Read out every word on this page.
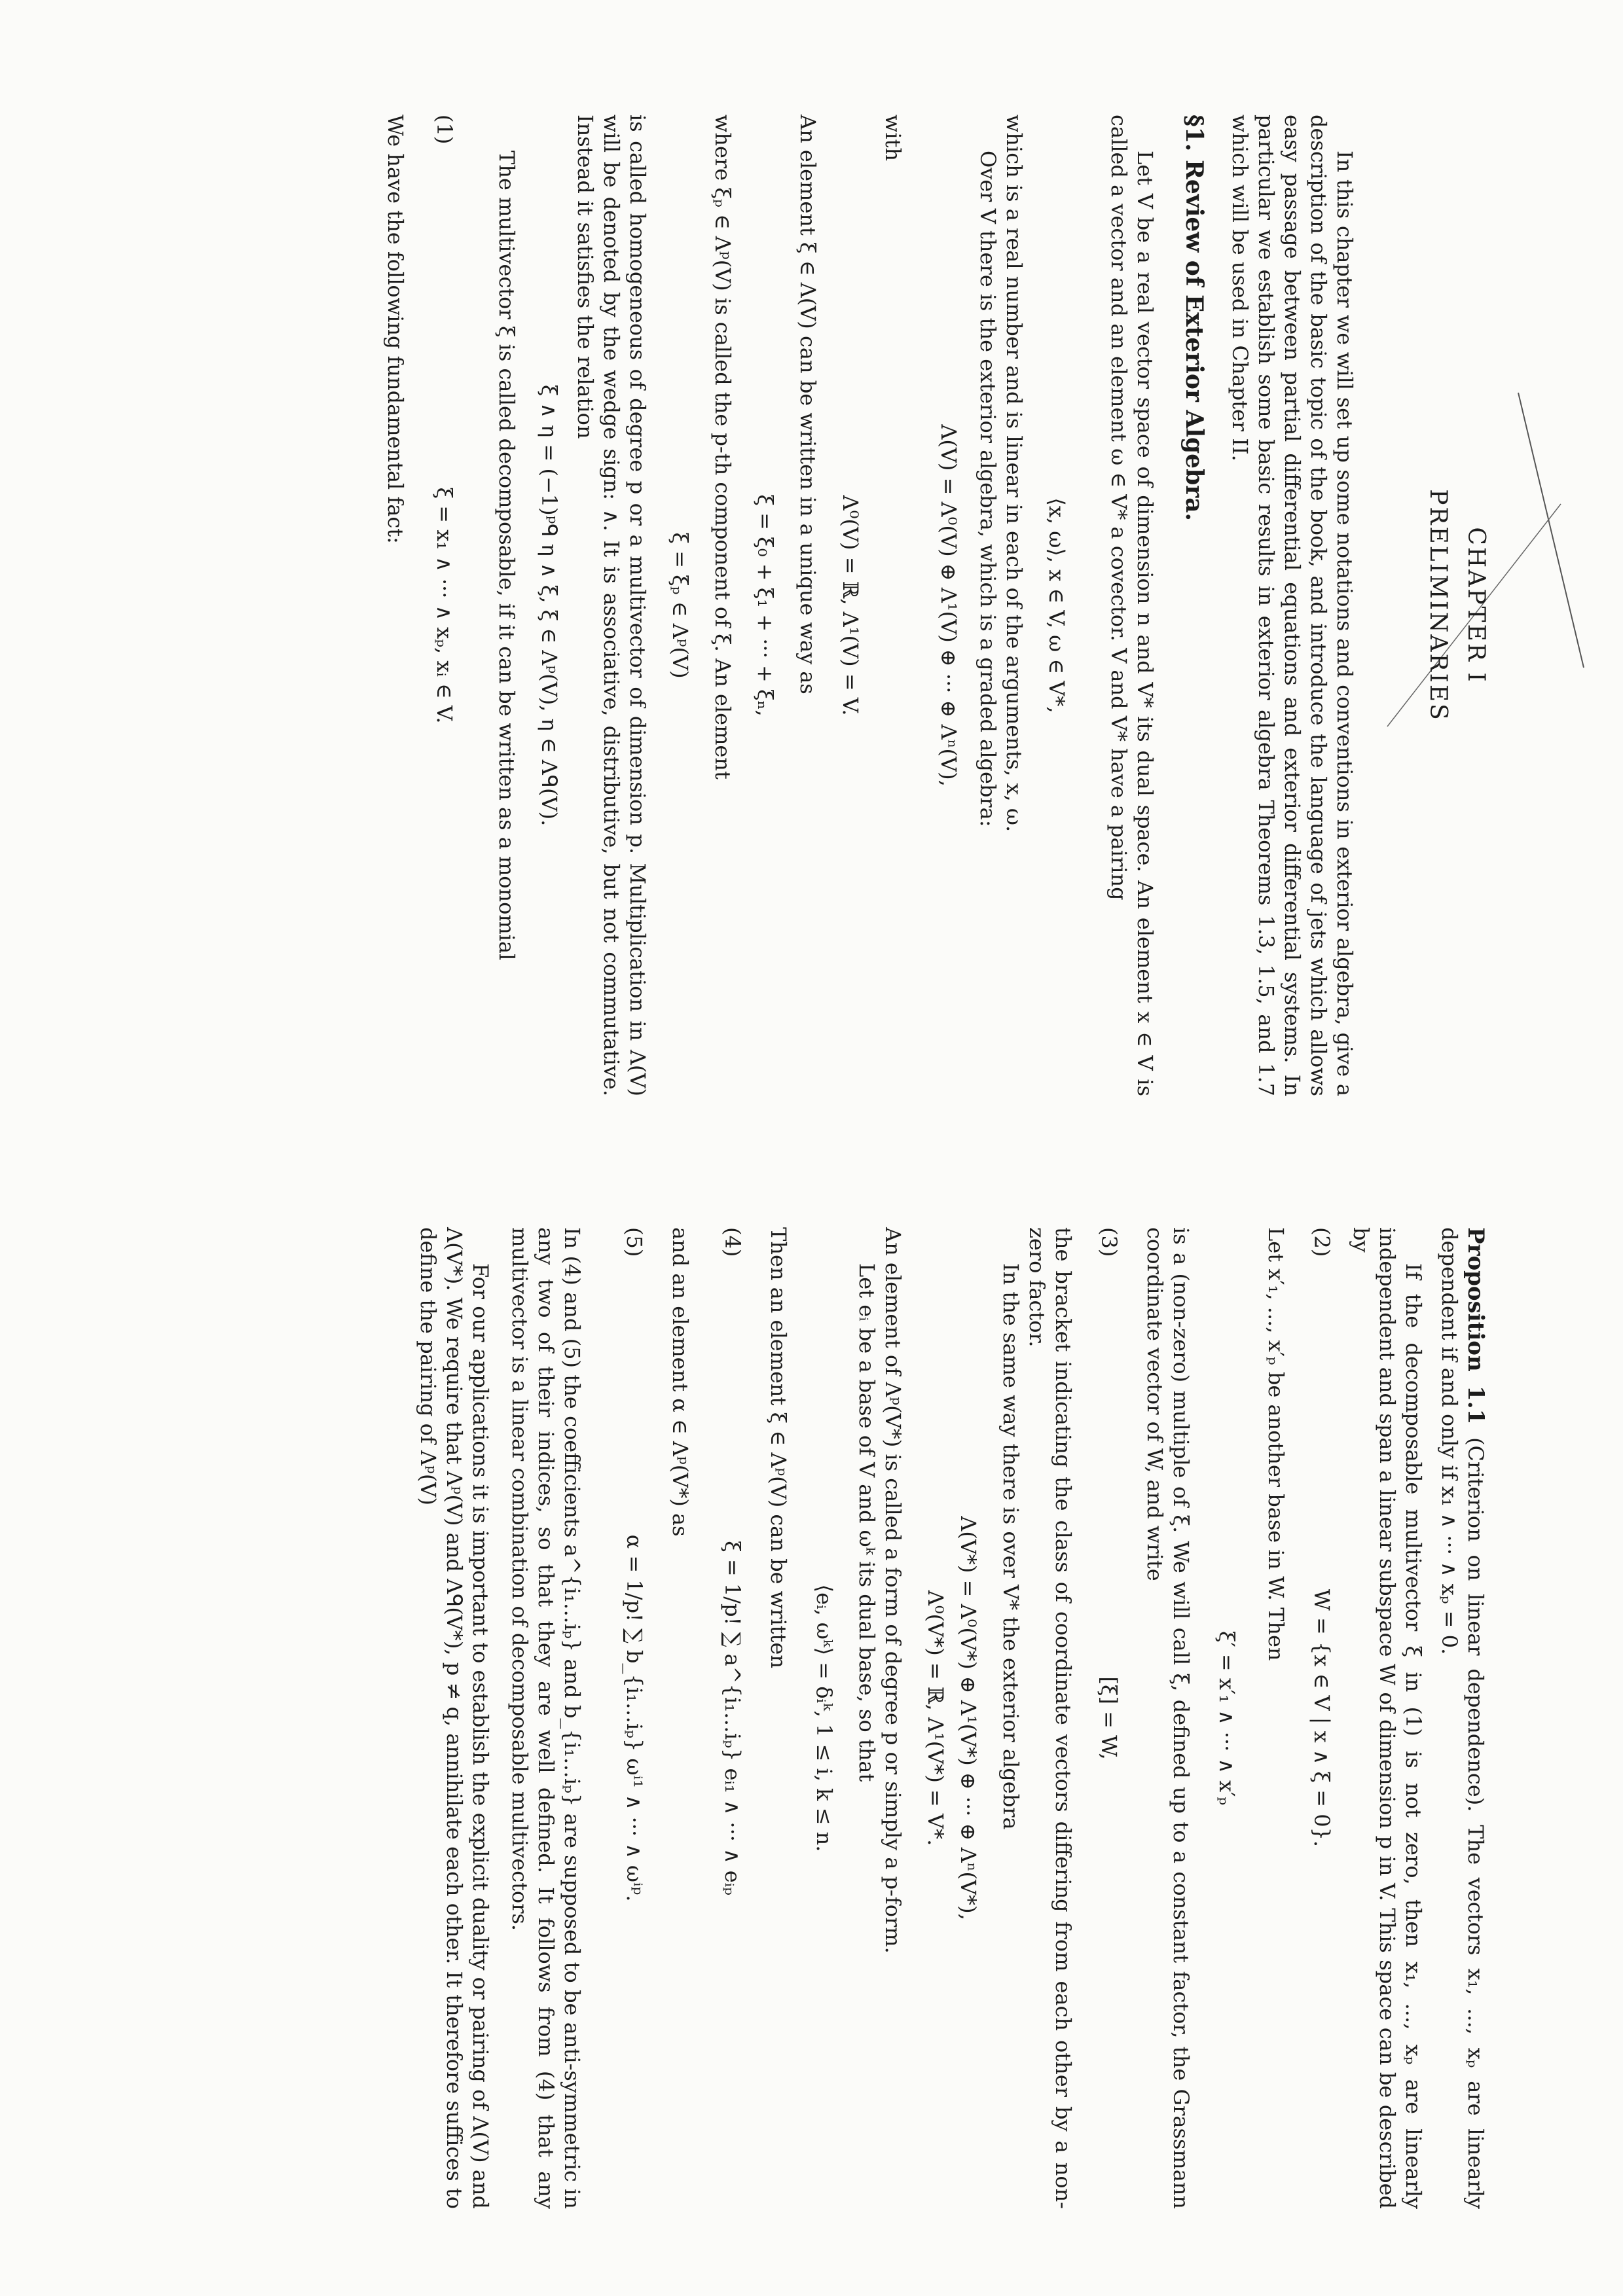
CHAPTER I
PRELIMINARIES

In this chapter we will set up some notations and conventions in exterior algebra, give a description of the basic topic of the book, and introduce the language of jets which allows easy passage between partial differential equations and exterior differential systems. In particular we establish some basic results in exterior algebra Theorems 1.3, 1.5, and 1.7 which will be used in Chapter II.

§1. Review of Exterior Algebra.

Let V be a real vector space of dimension n and V* its dual space. An element x ∈ V is called a vector and an element ω ∈ V* a covector. V and V* have a pairing

⟨x, ω⟩, x ∈ V, ω ∈ V*,
which is a real number and is linear in each of the arguments, x, ω.
Over V there is the exterior algebra, which is a graded algebra:
Λ(V) = Λ⁰(V) ⊕ Λ¹(V) ⊕ ··· ⊕ Λⁿ(V),
with
Λ⁰(V) = ℝ, Λ¹(V) = V.
An element ξ ∈ Λ(V) can be written in a unique way as
ξ = ξ₀ + ξ₁ + ··· + ξₙ,
where ξₚ ∈ Λᵖ(V) is called the p-th component of ξ. An element
ξ = ξₚ ∈ Λᵖ(V)

is called homogeneous of degree p or a multivector of dimension p. Multiplication in Λ(V) will be denoted by the wedge sign: ∧. It is associative, distributive, but not commutative. Instead it satisfies the relation

ξ ∧ η = (−1)ᵖᑫ η ∧ ξ, ξ ∈ Λᵖ(V), η ∈ Λᑫ(V).

The multivector ξ is called decomposable, if it can be written as a monomial

(1)
ξ = x₁ ∧ ··· ∧ xₚ, xᵢ ∈ V.
We have the following fundamental fact:

Proposition 1.1 (Criterion on linear dependence). The vectors x₁, ..., xₚ are linearly dependent if and only if x₁ ∧ ··· ∧ xₚ = 0.

If the decomposable multivector ξ in (1) is not zero, then x₁, ..., xₚ are linearly independent and span a linear subspace W of dimension p in V. This space can be described by

(2)
W = {x ∈ V | x ∧ ξ = 0}.
Let x′₁, ..., x′ₚ be another base in W. Then
ξ′ = x′₁ ∧ ··· ∧ x′ₚ

is a (non-zero) multiple of ξ. We will call ξ, defined up to a constant factor, the Grassmann coordinate vector of W, and write

(3)
[ξ] = W,

the bracket indicating the class of coordinate vectors differing from each other by a non-zero factor.

In the same way there is over V* the exterior algebra
Λ(V*) = Λ⁰(V*) ⊕ Λ¹(V*) ⊕ ··· ⊕ Λⁿ(V*),
Λ⁰(V*) = ℝ, Λ¹(V*) = V*.
An element of Λᵖ(V*) is called a form of degree p or simply a p-form.
Let eᵢ be a base of V and ωᵏ its dual base, so that
⟨eᵢ, ωᵏ⟩ = δᵢᵏ, 1 ≤ i, k ≤ n.
Then an element ξ ∈ Λᵖ(V) can be written
(4)
ξ = 1/p! ∑ a^{i₁…iₚ} eᵢ₁ ∧ ··· ∧ eᵢₚ
and an element α ∈ Λᵖ(V*) as
(5)
α = 1/p! ∑ b_{i₁…iₚ} ωⁱ¹ ∧ ··· ∧ ωⁱᵖ.

In (4) and (5) the coefficients a^{i₁…iₚ} and b_{i₁…iₚ} are supposed to be anti-symmetric in any two of their indices, so that they are well defined. It follows from (4) that any multivector is a linear combination of decomposable multivectors.

For our applications it is important to establish the explicit duality or pairing of Λ(V) and Λ(V*). We require that Λᵖ(V) and Λᑫ(V*), p ≠ q, annihilate each other. It therefore suffices to define the pairing of Λᵖ(V)
